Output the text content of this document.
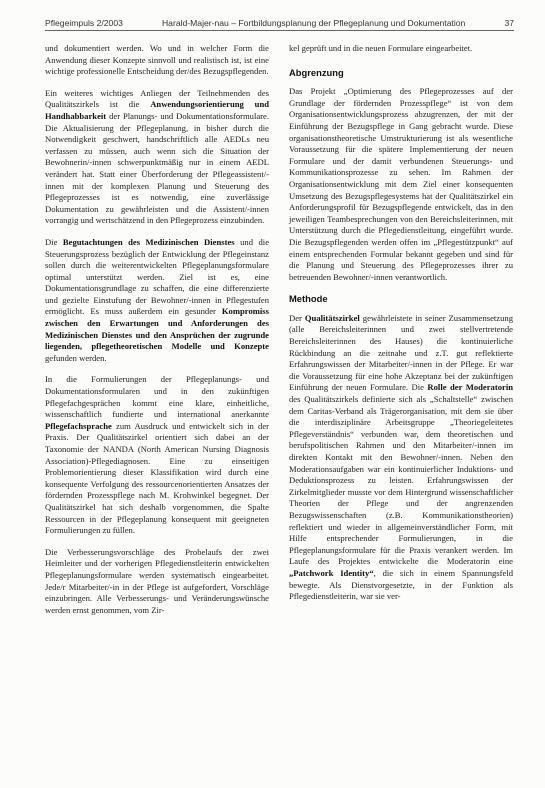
Pflegeimpuls 2/2003	Harald-Majer-nau – Fortbildungsplanung der Pflegeplanung und Dokumentation	37

und dokumentiert werden. Wo und in welcher Form die Anwendung dieser Konzepte sinnvoll und realistisch ist, ist eine wichtige professionelle Entscheidung der/des Bezugspflegenden.

Ein weiteres wichtiges Anliegen der Teilnehmenden des Qualitätszirkels ist die Anwendungsorientierung und Handhabbarkeit der Planungs- und Dokumentationsformulare. Die Aktualisierung der Pflegeplanung, in bisher durch die Notwendigkeit geschwert, handschriftlich alle AEDLs neu verfassen zu müssen, auch wenn sich die Situation der Bewohnerin/-innen schwerpunktmäßig nur in einem AEDL verändert hat. Statt einer Überforderung der Pflegeassistent/-innen mit der komplexen Planung und Steuerung des Pflegeprozesses ist es notwendig, eine zuverlässige Dokumentation zu gewährleisten und die Assistent/-innen vorrangig und wertschätzend in den Pflegeprozess einzubinden.

Die Begutachtungen des Medizinischen Dienstes und die Steuerungsprozess bezüglich der Entwicklung der Pflegeinstanz sollen durch die weiterentwickelten Pflegeplanungsformulare optimal unterstützt werden. Ziel ist es, eine Dokumentationsgrundlage zu schaffen, die eine differenzierte und gezielte Einstufung der Bewohner/-innen in Pflegestufen ermöglicht. Es muss außerdem ein gesunder Kompromiss zwischen den Erwartungen und Anforderungen des Medizinischen Dienstes und den Ansprüchen der zugrunde liegenden, pflegetheoretischen Modelle und Konzepte gefunden werden.

In die Formulierungen der Pflegeplanungs- und Dokumentationsformularen und in den zukünftigen Pflegefachgesprächen kommt eine klare, einheitliche, wissenschaftlich fundierte und international anerkannte Pflegefachsprache zum Ausdruck und entwickelt sich in der Praxis. Der Qualitätszirkel orientiert sich dabei an der Taxonomie der NANDA (North American Nursing Diagnosis Association)-Pflegediagnosen. Eine zu einseitigen Problemorientierung dieser Klassifikation wird durch eine konsequente Verfolgung des ressourcenorientierten Ansatzes der fördernden Prozesspflege nach M. Krohwinkel begegnet. Der Qualitätszirkel hat sich deshalb vorgenommen, die Spalte Ressourcen in der Pflegeplanung konsequent mit geeigneten Formulierungen zu füllen.

Die Verbesserungsvorschläge des Probelaufs der zwei Heimleiter und der vorherigen Pflegedienstleiterin entwickelten Pflegeplanungsformulare werden systematisch eingearbeitet. Jede/r Mitarbeiter/-in in der Pflege ist aufgefordert, Vorschläge einzubringen. Alle Verbesserungs- und Veränderungswünsche werden ernst genommen, vom Zir-

kel geprüft und in die neuen Formulare eingearbeitet.

Abgrenzung

Das Projekt „Optimierung des Pflegeprozesses auf der Grundlage der fördernden Prozesspflege“ ist von dem Organisationsentwicklungsprozess abzugrenzen, der mit der Einführung der Bezugspflege in Gang gebracht wurde. Diese organisationstheoretische Umstrukturierung ist als wesentliche Voraussetzung für die spätere Implementierung der neuen Formulare und der damit verbundenen Steuerungs- und Kommunikationsprozesse zu sehen. Im Rahmen der Organisationsentwicklung mit dem Ziel einer konsequenten Umsetzung des Bezugspflegesystems hat der Qualitätszirkel ein Anforderungsprofil für Bezugspflegende entwickelt, das in den jeweiligen Teambesprechungen von den Bereichsleiterinnen, mit Unterstützung durch die Pflegedienstleitung, eingeführt wurde. Die Bezugspflegenden werden offen im „Pflegestützpunkt“ auf einem entsprechenden Formular bekannt gegeben und sind für die Planung und Steuerung des Pflegeprozesses ihrer zu betreuenden Bewohner/-innen verantwortlich.

Methode

Der Qualitätszirkel gewährleistete in seiner Zusammensetzung (alle Bereichsleiterinnen und zwei stellvertretende Bereichsleiterinnen des Hauses) die kontinuierliche Rückbindung an die zeitnahe und z.T. gut reflektierte Erfahrungswissen der Mitarbeiter/-innen in der Pflege. Er war die Voraussetzung für eine hohe Akzeptanz bei der zukünftigen Einführung der neuen Formulare. Die Rolle der Moderatorin des Qualitätszirkels definierte sich als „Schaltstelle“ zwischen dem Caritas-Verband als Trägerorganisation, mit dem sie über die interdisziplinäre Arbeitsgruppe „Theoriegeleitetes Pflegeverständnis“ verbunden war, dem theoretischen und berufspolitischen Rahmen und den Mitarbeiter/-innen im direkten Kontakt mit den Bewohner/-innen. Neben den Moderationsaufgaben war ein kontinuierlicher Induktions- und Deduktionsprozess zu leisten. Erfahrungswissen der Zirkelmitglieder musste vor dem Hintergrund wissenschaftlicher Theorien der Pflege und der angrenzenden Bezugswissenschaften (z.B. Kommunikationstheorien) reflektiert und wieder in allgemeinverständlicher Form, mit Hilfe entsprechender Formulierungen, in die Pflegeplanungsformulare für die Praxis verankert werden. Im Laufe des Projektes entwickelte die Moderatorin eine „Patchwork Identity“, die sich in einem Spannungsfeld bewegte. Als Dienstvorgesetzte, in der Funktion als Pflegedienstleiterin, war sie ver-
